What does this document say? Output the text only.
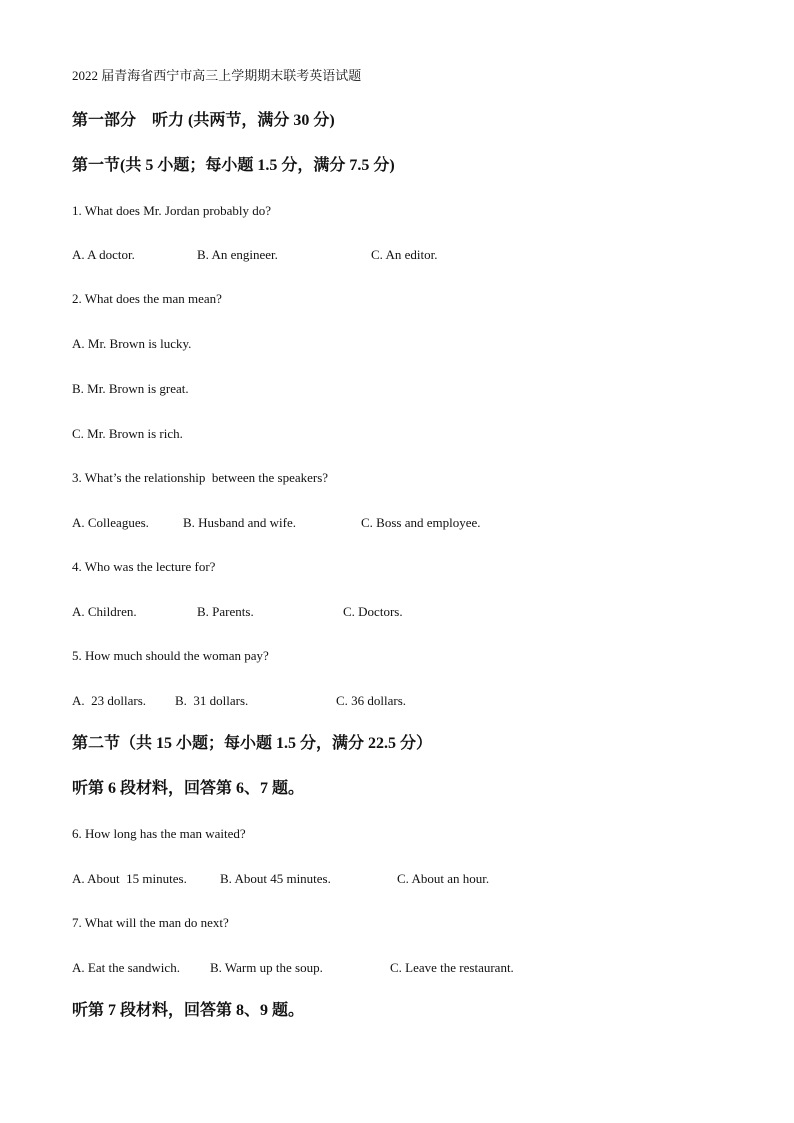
2022 届青海省西宁市高三上学期期末联考英语试题
第一部分    听力 (共两节，满分 30 分)
第一节(共 5 小题；每小题 1.5 分，满分 7.5 分)
1. What does Mr. Jordan probably do?
A. A doctor.	B. An engineer.	C. An editor.
2. What does the man mean?
A. Mr. Brown is lucky.
B. Mr. Brown is great.
C. Mr. Brown is rich.
3. What’s the relationship  between the speakers?
A. Colleagues.	B. Husband and wife.	C. Boss and employee.
4. Who was the lecture for?
A. Children.	B. Parents.	C. Doctors.
5. How much should the woman pay?
A.  23 dollars. B.  31 dollars.	C. 36 dollars.
第二节（共 15 小题；每小题 1.5 分，满分 22.5 分）
听第 6 段材料，回答第 6、7 题。
6. How long has the man waited?
A. About  15 minutes.	B. About 45 minutes.	C. About an hour.
7. What will the man do next?
A. Eat the sandwich. B. Warm up the soup.	C. Leave the restaurant.
听第 7 段材料，回答第 8、9 题。
